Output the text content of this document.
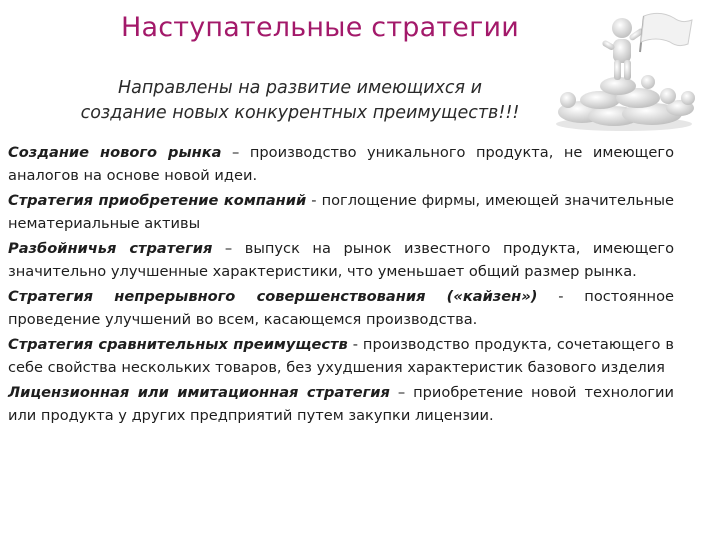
Наступательные стратегии
Направлены на развитие имеющихся и
создание новых конкурентных преимуществ!!!

Создание нового рынка – производство уникального продукта, не имеющего аналогов на основе новой идеи.

Стратегия приобретение компаний - поглощение фирмы, имеющей значительные нематериальные активы

Разбойничья стратегия – выпуск на рынок известного продукта, имеющего значительно улучшенные характеристики, что уменьшает общий размер рынка.

Стратегия непрерывного совершенствования («кайзен») - постоянное проведение улучшений во всем, касающемся производства.

Стратегия сравнительных преимуществ - производство продукта, сочетающего в себе свойства нескольких товаров, без ухудшения характеристик базового изделия

Лицензионная или имитационная стратегия – приобретение новой технологии или продукта у других предприятий путем закупки лицензии.
